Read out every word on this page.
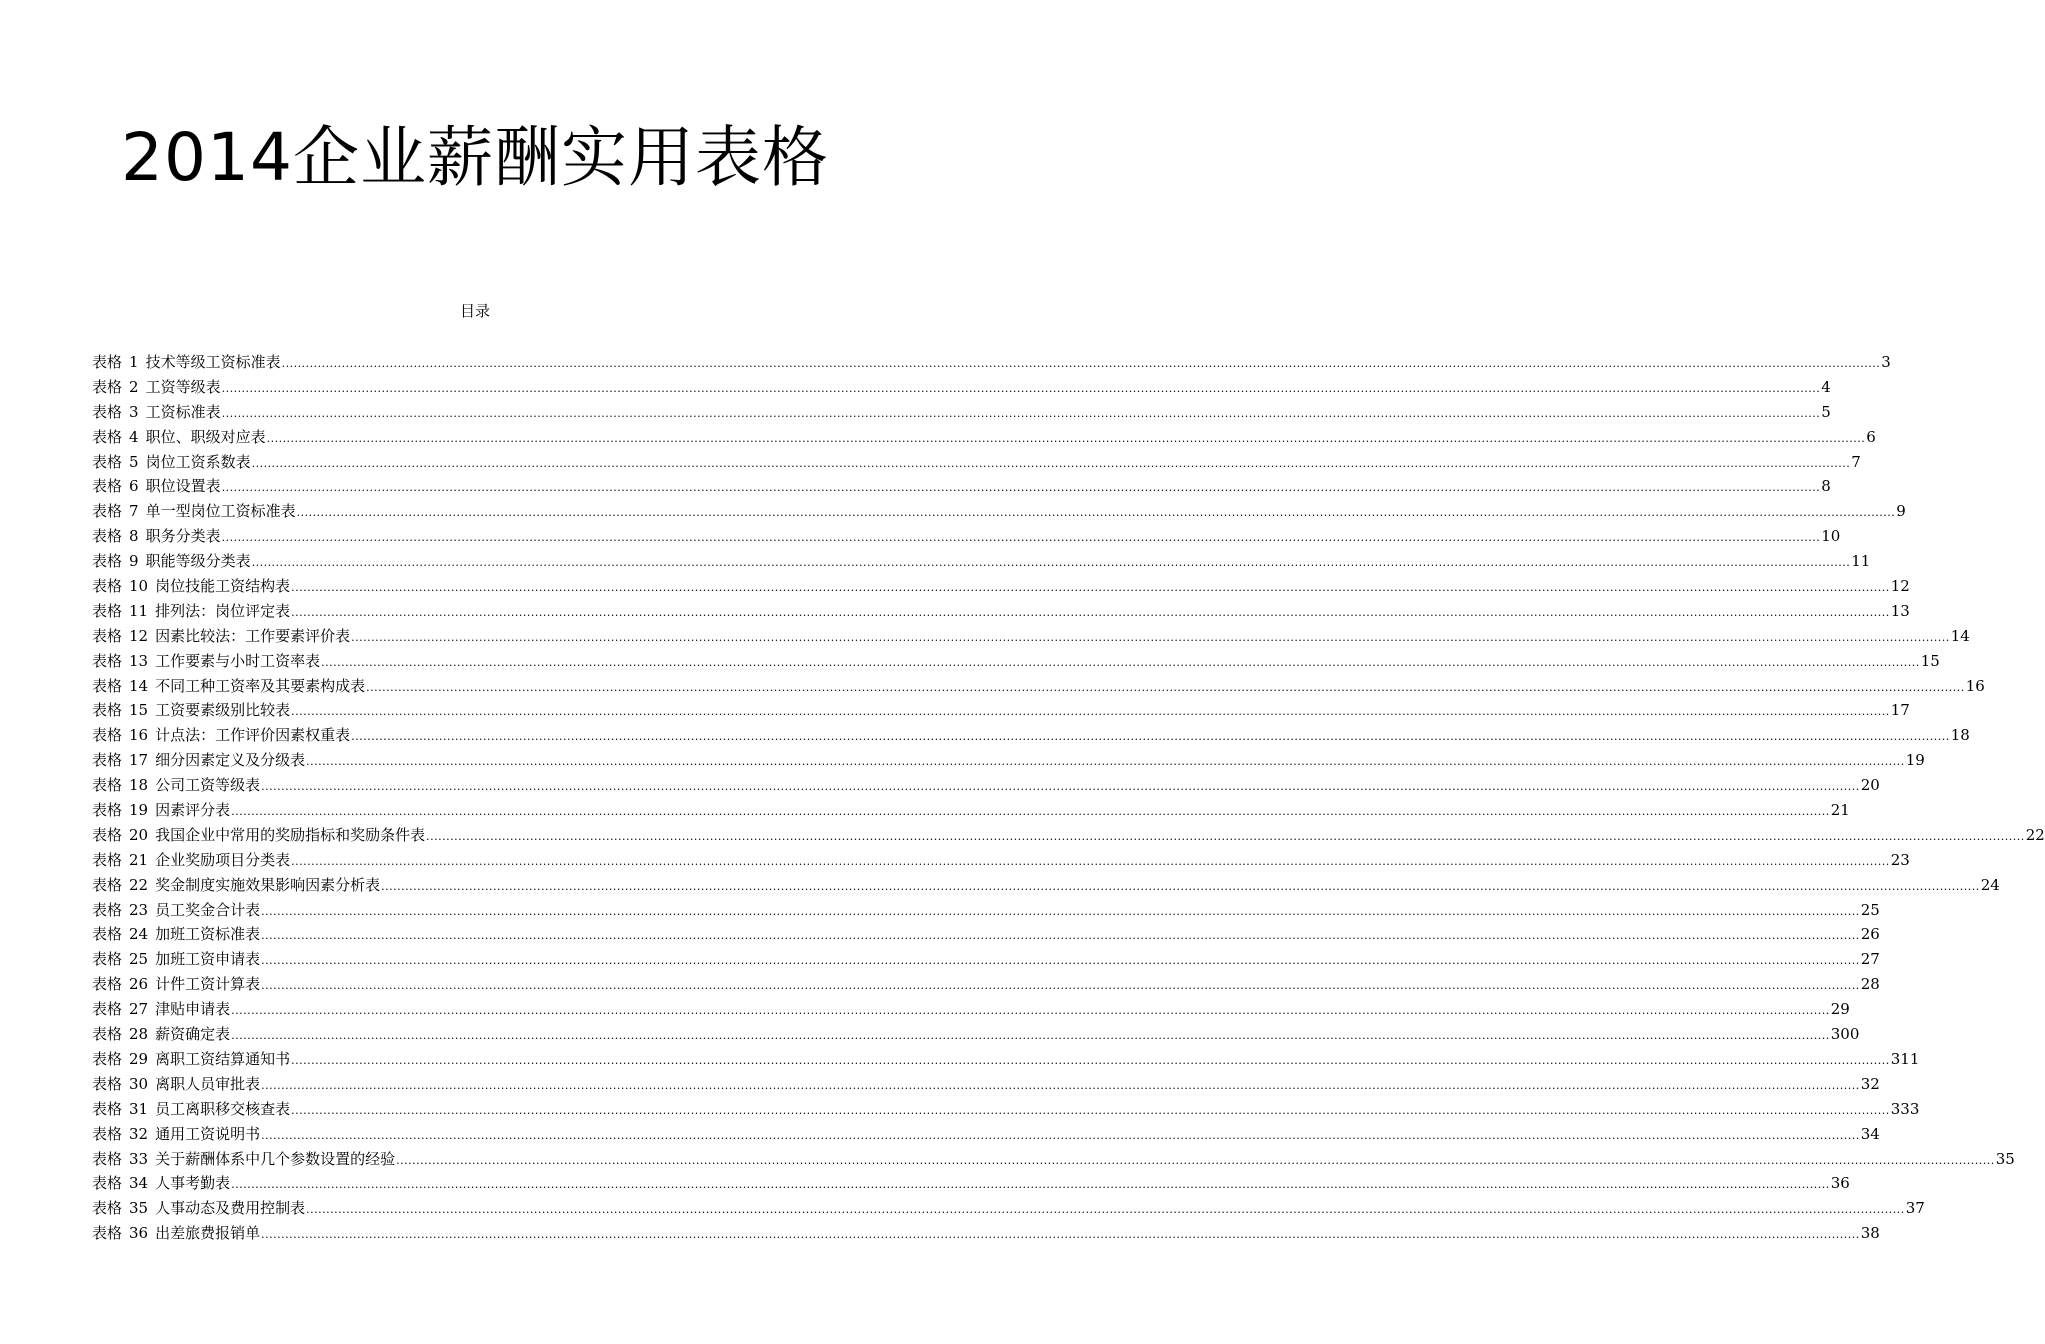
2014企业薪酬实用表格
目录
表格 1 技术等级工资标准表 ................................................................................................................................................................................................................................................................................................................................................................................................................ 3
表格 2 工资等级表 ................................................................................................................................................................................................................................................................................................................................................................................................................ 4
表格 3 工资标准表 ................................................................................................................................................................................................................................................................................................................................................................................................................ 5
表格 4 职位、职级对应表 ................................................................................................................................................................................................................................................................................................................................................................................................................ 6
表格 5 岗位工资系数表 ................................................................................................................................................................................................................................................................................................................................................................................................................ 7
表格 6 职位设置表 ................................................................................................................................................................................................................................................................................................................................................................................................................ 8
表格 7 单一型岗位工资标准表 ................................................................................................................................................................................................................................................................................................................................................................................................................ 9
表格 8 职务分类表 ................................................................................................................................................................................................................................................................................................................................................................................................................ 10
表格 9 职能等级分类表 ................................................................................................................................................................................................................................................................................................................................................................................................................ 11
表格 10 岗位技能工资结构表 ................................................................................................................................................................................................................................................................................................................................................................................................................ 12
表格 11 排列法：岗位评定表 ................................................................................................................................................................................................................................................................................................................................................................................................................ 13
表格 12 因素比较法：工作要素评价表 ................................................................................................................................................................................................................................................................................................................................................................................................................ 14
表格 13 工作要素与小时工资率表 ................................................................................................................................................................................................................................................................................................................................................................................................................ 15
表格 14 不同工种工资率及其要素构成表 ................................................................................................................................................................................................................................................................................................................................................................................................................ 16
表格 15 工资要素级别比较表 ................................................................................................................................................................................................................................................................................................................................................................................................................ 17
表格 16 计点法：工作评价因素权重表 ................................................................................................................................................................................................................................................................................................................................................................................................................ 18
表格 17 细分因素定义及分级表 ................................................................................................................................................................................................................................................................................................................................................................................................................ 19
表格 18 公司工资等级表 ................................................................................................................................................................................................................................................................................................................................................................................................................ 20
表格 19 因素评分表 ................................................................................................................................................................................................................................................................................................................................................................................................................ 21
表格 20 我国企业中常用的奖励指标和奖励条件表 ................................................................................................................................................................................................................................................................................................................................................................................................................ 22
表格 21 企业奖励项目分类表 ................................................................................................................................................................................................................................................................................................................................................................................................................ 23
表格 22 奖金制度实施效果影响因素分析表 ................................................................................................................................................................................................................................................................................................................................................................................................................ 24
表格 23 员工奖金合计表 ................................................................................................................................................................................................................................................................................................................................................................................................................ 25
表格 24 加班工资标准表 ................................................................................................................................................................................................................................................................................................................................................................................................................ 26
表格 25 加班工资申请表 ................................................................................................................................................................................................................................................................................................................................................................................................................ 27
表格 26 计件工资计算表 ................................................................................................................................................................................................................................................................................................................................................................................................................ 28
表格 27 津贴申请表 ................................................................................................................................................................................................................................................................................................................................................................................................................ 29
表格 28 薪资确定表 ................................................................................................................................................................................................................................................................................................................................................................................................................ 300
表格 29 离职工资结算通知书 ................................................................................................................................................................................................................................................................................................................................................................................................................ 311
表格 30 离职人员审批表 ................................................................................................................................................................................................................................................................................................................................................................................................................ 32
表格 31 员工离职移交核查表 ................................................................................................................................................................................................................................................................................................................................................................................................................ 333
表格 32 通用工资说明书 ................................................................................................................................................................................................................................................................................................................................................................................................................ 34
表格 33 关于薪酬体系中几个参数设置的经验 ................................................................................................................................................................................................................................................................................................................................................................................................................ 35
表格 34 人事考勤表 ................................................................................................................................................................................................................................................................................................................................................................................................................ 36
表格 35 人事动态及费用控制表 ................................................................................................................................................................................................................................................................................................................................................................................................................ 37
表格 36 出差旅费报销单 ................................................................................................................................................................................................................................................................................................................................................................................................................ 38
